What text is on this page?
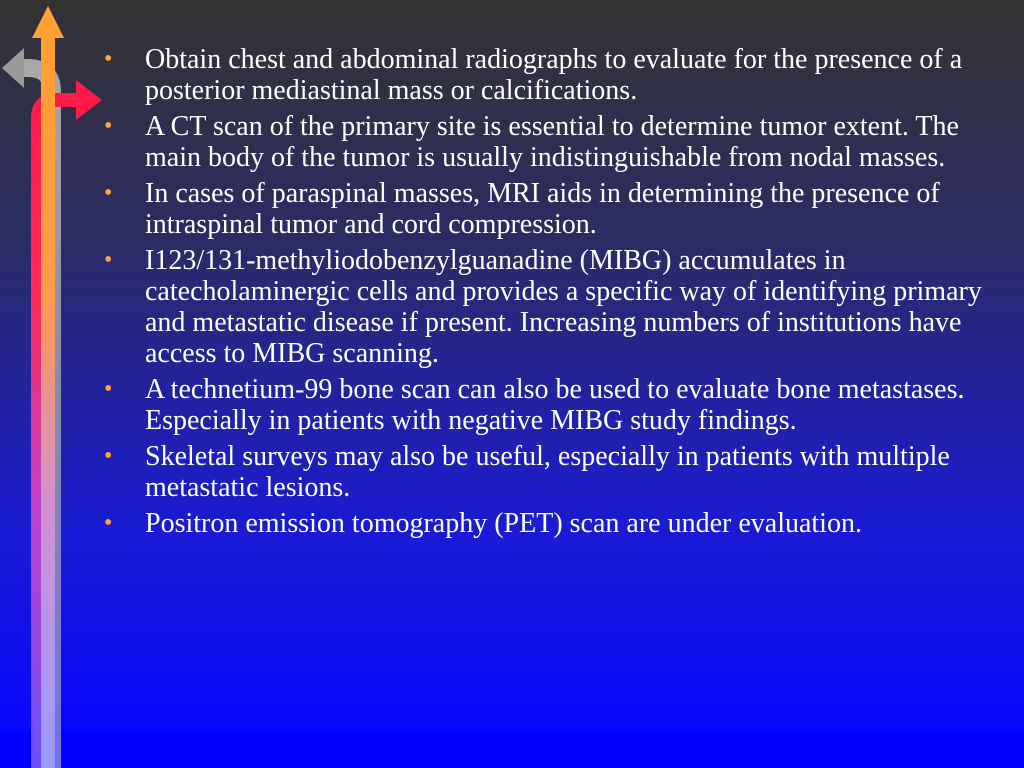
• Obtain chest and abdominal radiographs to evaluate for the presence of a posterior mediastinal mass or calcifications.
• A CT scan of the primary site is essential to determine tumor extent. The main body of the tumor is usually indistinguishable from nodal masses.
• In cases of paraspinal masses, MRI aids in determining the presence of intraspinal tumor and cord compression.
• I123/131-methyliodobenzylguanadine (MIBG) accumulates in catecholaminergic cells and provides a specific way of identifying primary and metastatic disease if present. Increasing numbers of institutions have access to MIBG scanning.
• A technetium-99 bone scan can also be used to evaluate bone metastases. Especially in patients with negative MIBG study findings.
• Skeletal surveys may also be useful, especially in patients with multiple metastatic lesions.
• Positron emission tomography (PET) scan are under evaluation.
